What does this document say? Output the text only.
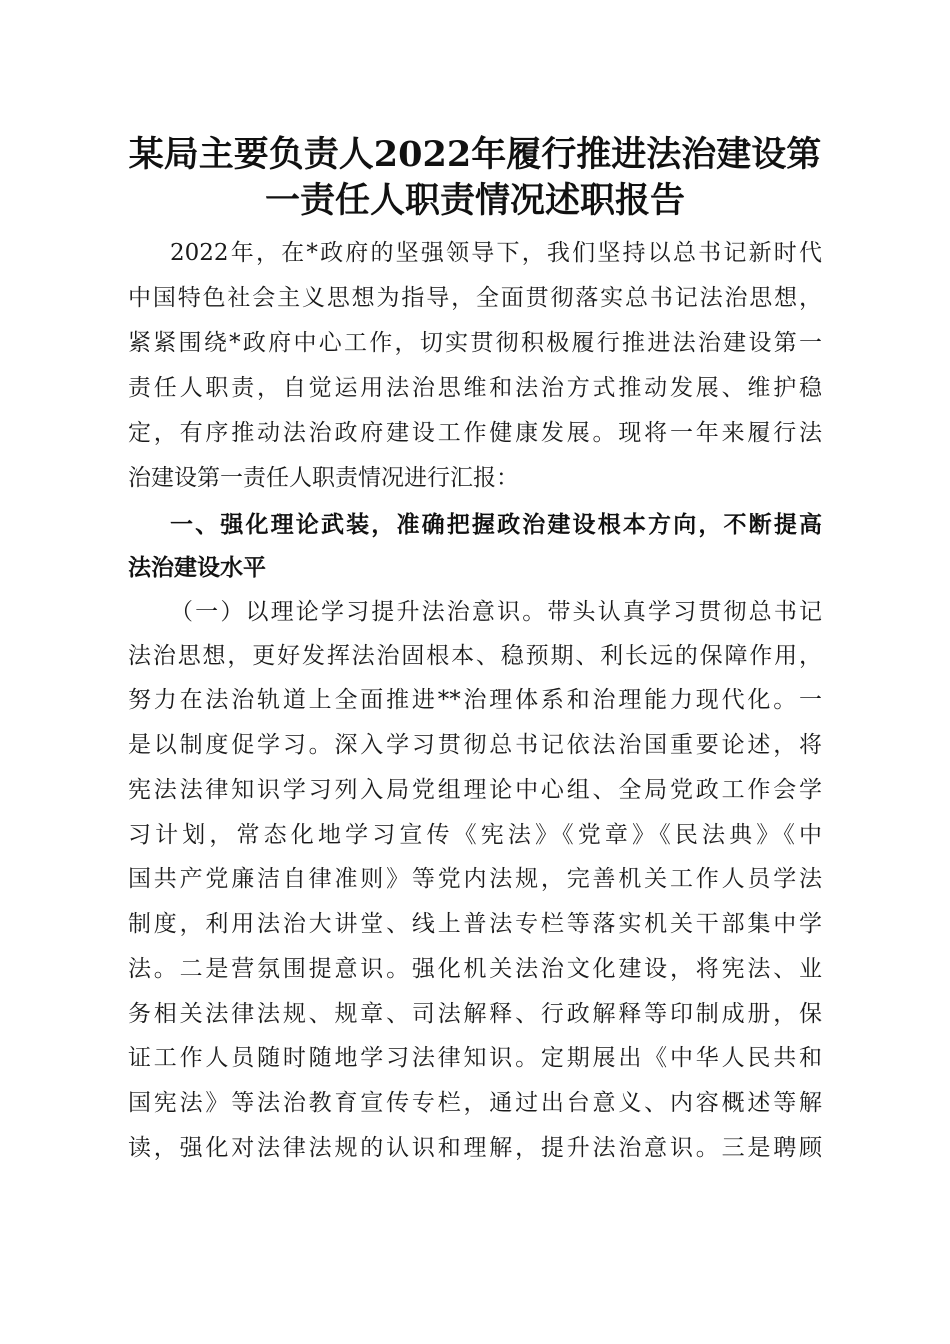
某局主要负责人2022年履行推进法治建设第
一责任人职责情况述职报告
2022年，在*政府的坚强领导下，我们坚持以总书记新时代
中国特色社会主义思想为指导，全面贯彻落实总书记法治思想，
紧紧围绕*政府中心工作，切实贯彻积极履行推进法治建设第一
责任人职责，自觉运用法治思维和法治方式推动发展、维护稳
定，有序推动法治政府建设工作健康发展。现将一年来履行法
治建设第一责任人职责情况进行汇报：
一、强化理论武装，准确把握政治建设根本方向，不断提高
法治建设水平
（一）以理论学习提升法治意识。带头认真学习贯彻总书记
法治思想，更好发挥法治固根本、稳预期、利长远的保障作用，
努力在法治轨道上全面推进**治理体系和治理能力现代化。一
是以制度促学习。深入学习贯彻总书记依法治国重要论述，将
宪法法律知识学习列入局党组理论中心组、全局党政工作会学
习计划，常态化地学习宣传《宪法》《党章》《民法典》《中
国共产党廉洁自律准则》等党内法规，完善机关工作人员学法
制度，利用法治大讲堂、线上普法专栏等落实机关干部集中学
法。二是营氛围提意识。强化机关法治文化建设，将宪法、业
务相关法律法规、规章、司法解释、行政解释等印制成册，保
证工作人员随时随地学习法律知识。定期展出《中华人民共和
国宪法》等法治教育宣传专栏，通过出台意义、内容概述等解
读，强化对法律法规的认识和理解，提升法治意识。三是聘顾
